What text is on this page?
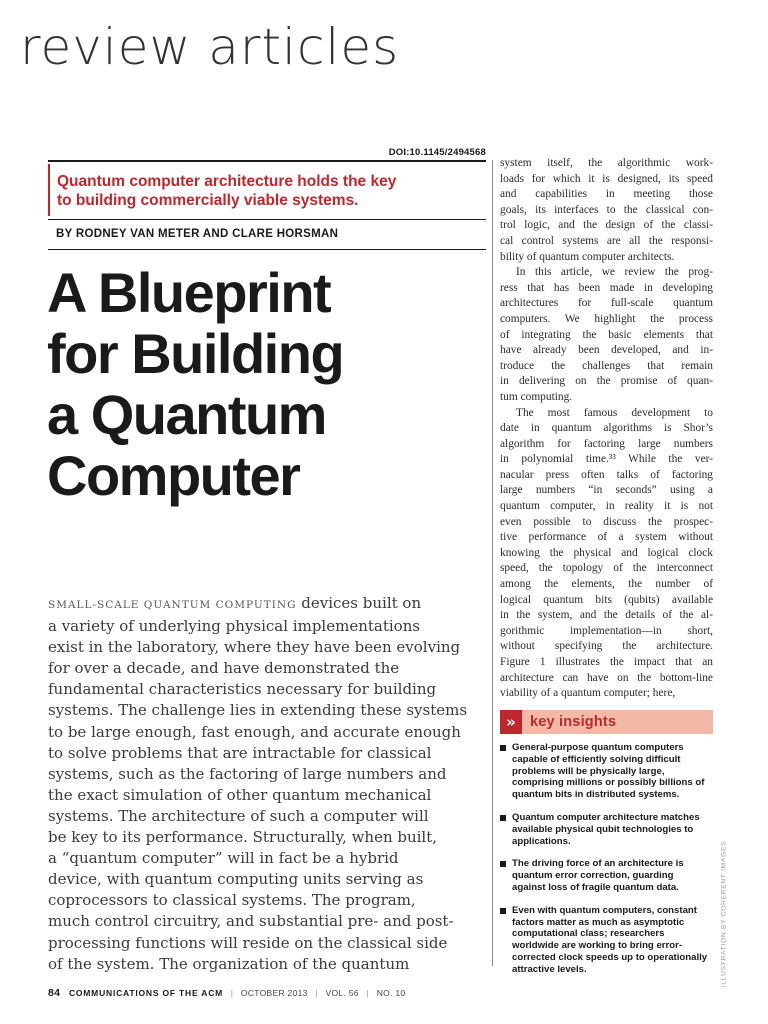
review articles
DOI:10.1145/2494568
Quantum computer architecture holds the key
to building commercially viable systems.
BY RODNEY VAN METER AND CLARE HORSMAN
A Blueprint
for Building
a Quantum
Computer
SMALL-SCALE QUANTUM COMPUTING devices built on
a variety of underlying physical implementations
exist in the laboratory, where they have been evolving
for over a decade, and have demonstrated the
fundamental characteristics necessary for building
systems. The challenge lies in extending these systems
to be large enough, fast enough, and accurate enough
to solve problems that are intractable for classical
systems, such as the factoring of large numbers and
the exact simulation of other quantum mechanical
systems. The architecture of such a computer will
be key to its performance. Structurally, when built,
a “quantum computer” will in fact be a hybrid
device, with quantum computing units serving as
coprocessors to classical systems. The program,
much control circuitry, and substantial pre- and post-
processing functions will reside on the classical side
of the system. The organization of the quantum
system itself, the algorithmic work-
loads for which it is designed, its speed
and capabilities in meeting those
goals, its interfaces to the classical con-
trol logic, and the design of the classi-
cal control systems are all the responsi-
bility of quantum computer architects.
In this article, we review the prog-
ress that has been made in developing
architectures for full-scale quantum
computers. We highlight the process
of integrating the basic elements that
have already been developed, and in-
troduce the challenges that remain
in delivering on the promise of quan-
tum computing.
The most famous development to
date in quantum algorithms is Shor’s
algorithm for factoring large numbers
in polynomial time.³³ While the ver-
nacular press often talks of factoring
large numbers “in seconds” using a
quantum computer, in reality it is not
even possible to discuss the prospec-
tive performance of a system without
knowing the physical and logical clock
speed, the topology of the interconnect
among the elements, the number of
logical quantum bits (qubits) available
in the system, and the details of the al-
gorithmic implementation—in short,
without specifying the architecture.
Figure 1 illustrates the impact that an
architecture can have on the bottom-line
viability of a quantum computer; here,
» key insights
General-purpose quantum computers
capable of efficiently solving difficult
problems will be physically large,
comprising millions or possibly billions of
quantum bits in distributed systems.
Quantum computer architecture matches
available physical qubit technologies to
applications.
The driving force of an architecture is
quantum error correction, guarding
against loss of fragile quantum data.
Even with quantum computers, constant
factors matter as much as asymptotic
computational class; researchers
worldwide are working to bring error-
corrected clock speeds up to operationally
attractive levels.	ILLUSTRATION BY COHERENT IMAGES
84 COMMUNICATIONS OF THE ACM | OCTOBER 2013 | VOL. 56 | NO. 10
